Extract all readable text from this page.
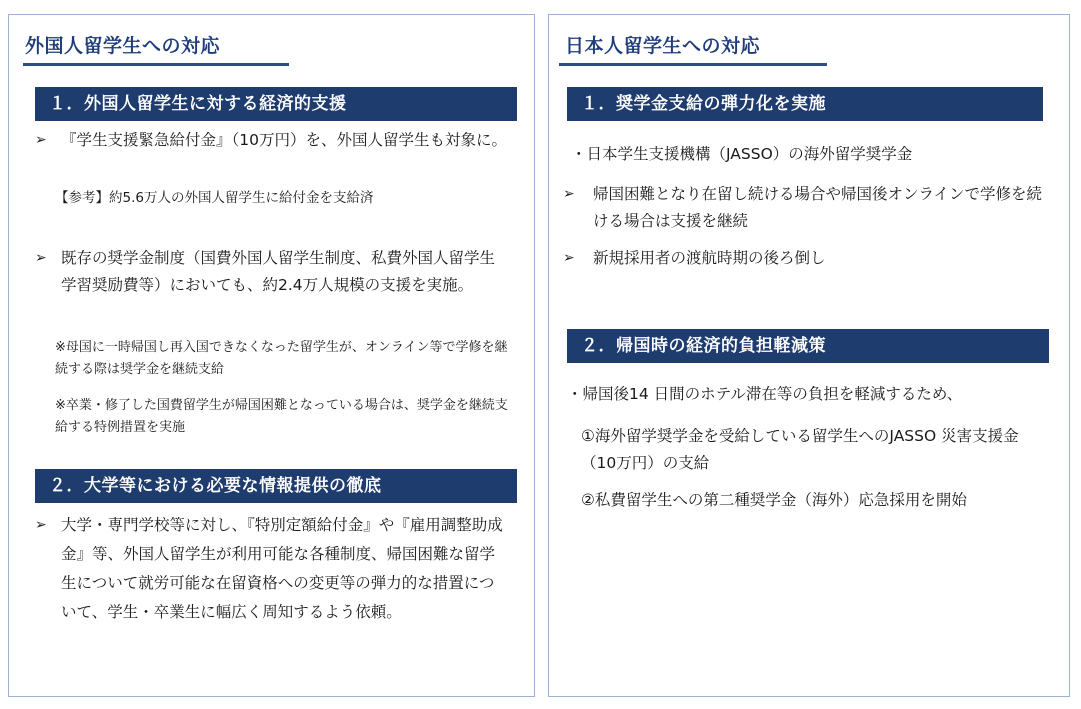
外国人留学生への対応
１．外国人留学生に対する経済的支援
➢ 『学生支援緊急給付金』（10万円）を、外国人留学生も対象に。
【参考】約5.6万人の外国人留学生に給付金を支給済
➢ 既存の奨学金制度（国費外国人留学生制度、私費外国人留学生学習奨励費等）においても、約2.4万人規模の支援を実施。
※母国に一時帰国し再入国できなくなった留学生が、オンライン等で学修を継続する際は奨学金を継続支給
※卒業・修了した国費留学生が帰国困難となっている場合は、奨学金を継続支給する特例措置を実施
２．大学等における必要な情報提供の徹底
➢ 大学・専門学校等に対し、『特別定額給付金』や『雇用調整助成金』等、外国人留学生が利用可能な各種制度、帰国困難な留学生について就労可能な在留資格への変更等の弾力的な措置について、学生・卒業生に幅広く周知するよう依頼。
日本人留学生への対応
１．奨学金支給の弾力化を実施
・日本学生支援機構（JASSO）の海外留学奨学金
➢	帰国困難となり在留し続ける場合や帰国後オンラインで学修を続ける場合は支援を継続
➢	新規採用者の渡航時期の後ろ倒し
２．帰国時の経済的負担軽減策
・帰国後14 日間のホテル滞在等の負担を軽減するため、
①海外留学奨学金を受給している留学生へのJASSO 災害支援金（10万円）の支給
②私費留学生への第二種奨学金（海外）応急採用を開始
